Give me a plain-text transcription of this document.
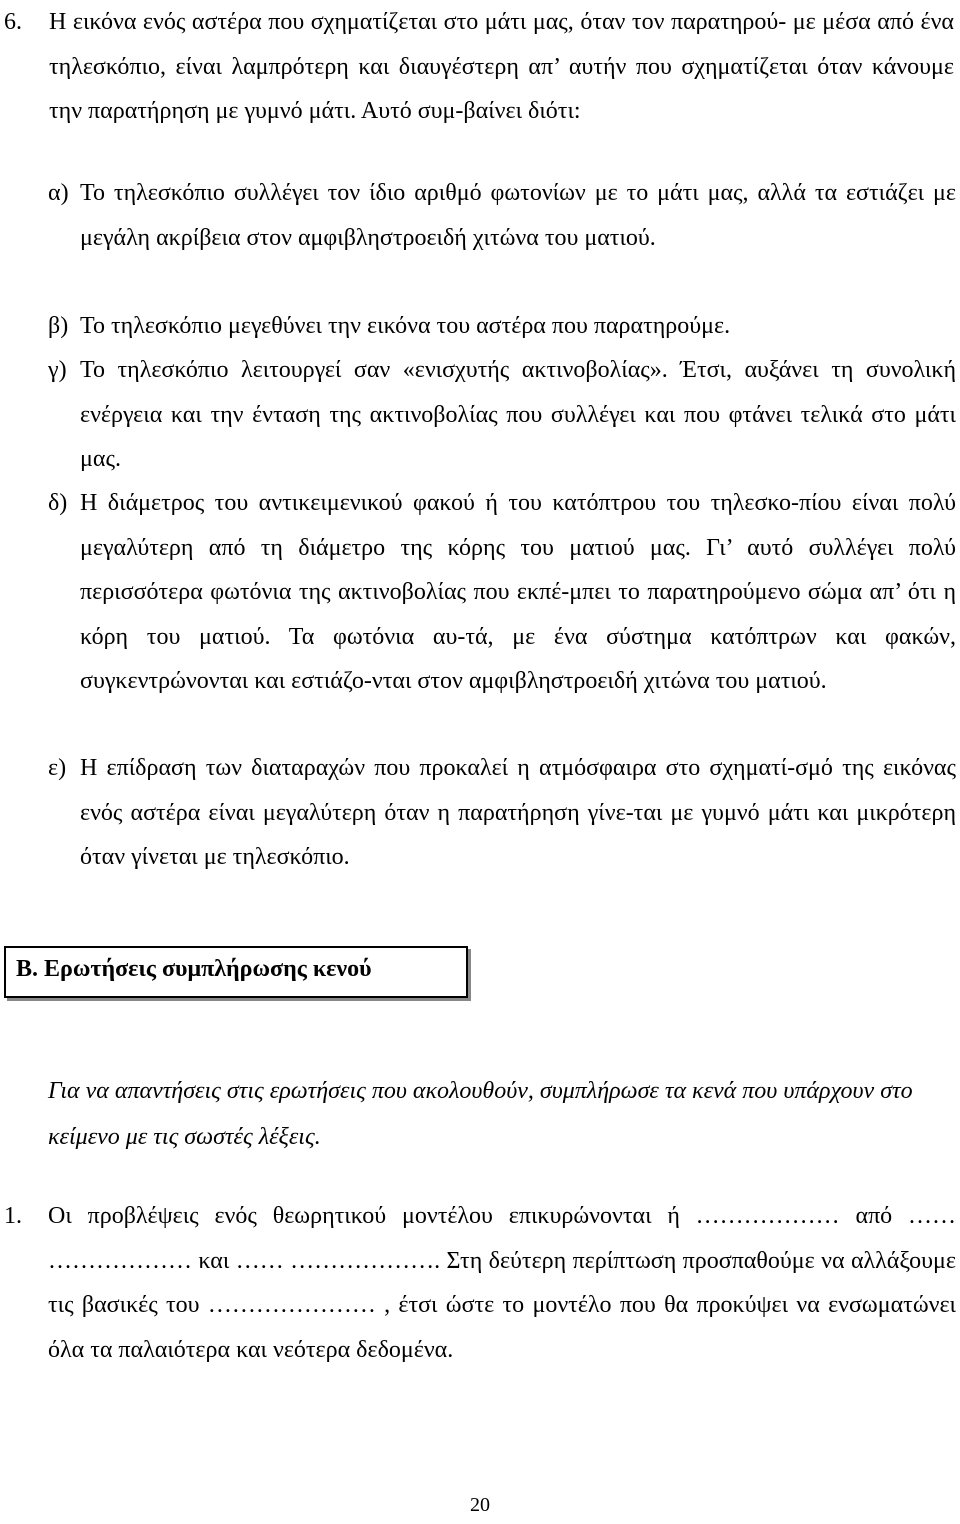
6. Η εικόνα ενός αστέρα που σχηματίζεται στο μάτι μας, όταν τον παρατηρού- με μέσα από ένα τηλεσκόπιο, είναι λαμπρότερη και διαυγέστερη απ’ αυτήν που σχηματίζεται όταν κάνουμε την παρατήρηση με γυμνό μάτι. Αυτό συμ-βαίνει διότι:
α) Το τηλεσκόπιο συλλέγει τον ίδιο αριθμό φωτονίων με το μάτι μας, αλλά τα εστιάζει με μεγάλη ακρίβεια στον αμφιβληστροειδή χιτώνα του ματιού.
β) Το τηλεσκόπιο μεγεθύνει την εικόνα του αστέρα που παρατηρούμε.
γ) Το τηλεσκόπιο λειτουργεί σαν «ενισχυτής ακτινοβολίας». Έτσι, αυξάνει τη συνολική ενέργεια και την ένταση της ακτινοβολίας που συλλέγει και που φτάνει τελικά στο μάτι μας.
δ) Η διάμετρος του αντικειμενικού φακού ή του κατόπτρου του τηλεσκο-πίου είναι πολύ μεγαλύτερη από τη διάμετρο της κόρης του ματιού μας. Γι’ αυτό συλλέγει πολύ περισσότερα φωτόνια της ακτινοβολίας που εκπέ-μπει το παρατηρούμενο σώμα απ’ ότι η κόρη του ματιού. Τα φωτόνια αυ-τά, με ένα σύστημα κατόπτρων και φακών, συγκεντρώνονται και εστιάζο-νται στον αμφιβληστροειδή χιτώνα του ματιού.
ε) Η επίδραση των διαταραχών που προκαλεί η ατμόσφαιρα στο σχηματί-σμό της εικόνας ενός αστέρα είναι μεγαλύτερη όταν η παρατήρηση γίνε-ται με γυμνό μάτι και μικρότερη όταν γίνεται με τηλεσκόπιο.
Β. Ερωτήσεις συμπλήρωσης κενού
Για να απαντήσεις στις ερωτήσεις που ακολουθούν, συμπλήρωσε τα κενά που υπάρχουν στο κείμενο με τις σωστές λέξεις.
1. Οι προβλέψεις ενός θεωρητικού μοντέλου επικυρώνονται ή ……………… από …… ……………… και …… ………………. Στη δεύτερη περίπτωση προσπαθούμε να αλλάξουμε τις βασικές του ………………… , έτσι ώστε το μοντέλο που θα προκύψει να ενσωματώνει όλα τα παλαιότερα και νεότερα δεδομένα.
20
